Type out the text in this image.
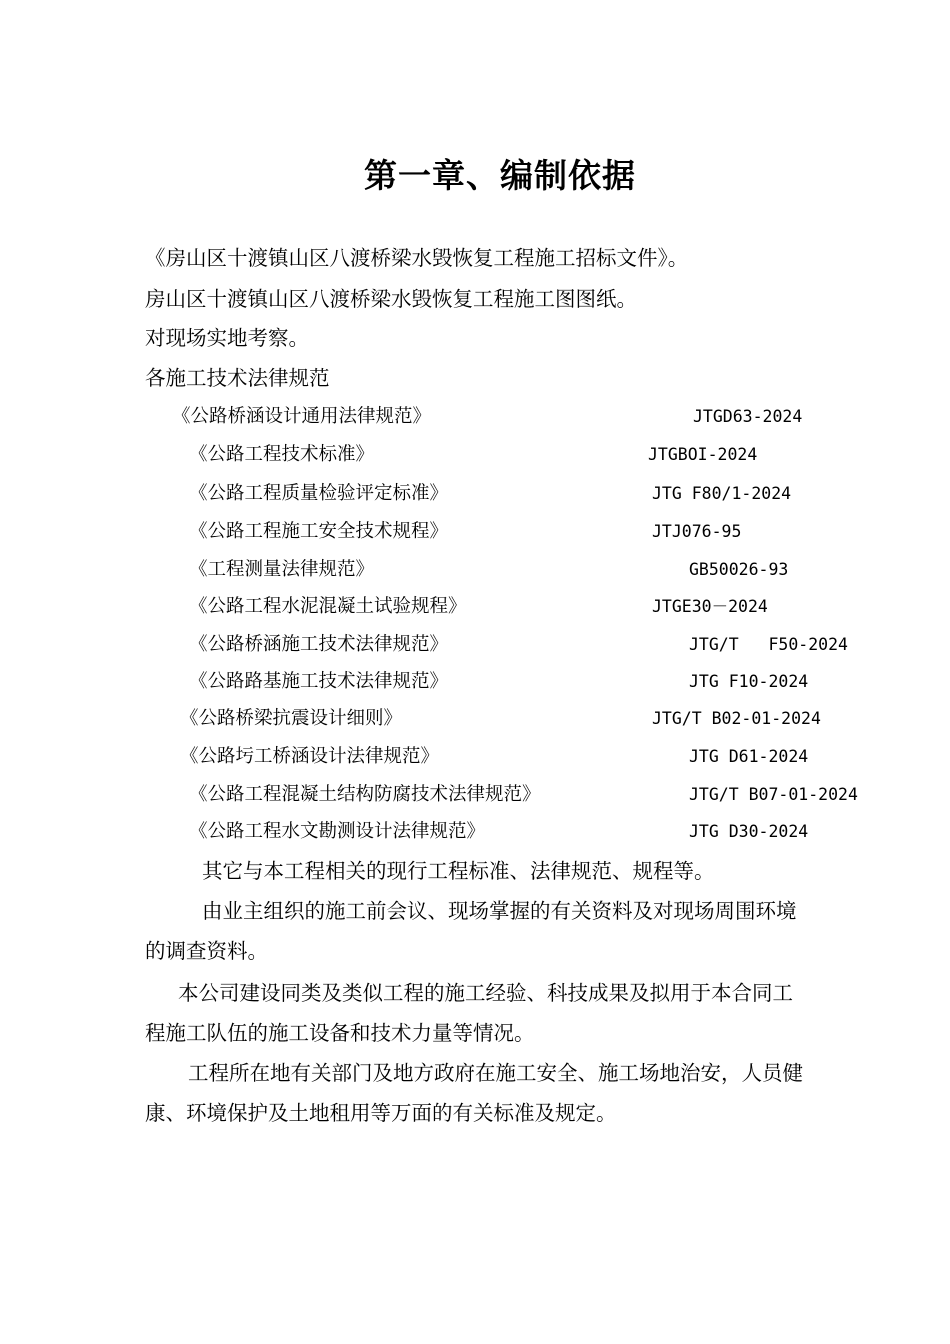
第一章、编制依据
《房山区十渡镇山区八渡桥梁水毁恢复工程施工招标文件》。
房山区十渡镇山区八渡桥梁水毁恢复工程施工图图纸。
对现场实地考察。
各施工技术法律规范
《公路桥涵设计通用法律规范》	JTGD63-2024
《公路工程技术标准》	JTGBOI-2024
《公路工程质量检验评定标准》	JTG F80/1-2024
《公路工程施工安全技术规程》	JTJ076-95
《工程测量法律规范》	GB50026-93
《公路工程水泥混凝土试验规程》	JTGE30－2024
《公路桥涵施工技术法律规范》	JTG/T   F50-2024
《公路路基施工技术法律规范》	JTG F10-2024
《公路桥梁抗震设计细则》	JTG/T B02-01-2024
《公路圬工桥涵设计法律规范》	JTG D61-2024
《公路工程混凝土结构防腐技术法律规范》	JTG/T B07-01-2024
《公路工程水文勘测设计法律规范》	JTG D30-2024
其它与本工程相关的现行工程标准、法律规范、规程等。
由业主组织的施工前会议、现场掌握的有关资料及对现场周围环境
的调查资料。
本公司建设同类及类似工程的施工经验、科技成果及拟用于本合同工
程施工队伍的施工设备和技术力量等情况。
工程所在地有关部门及地方政府在施工安全、施工场地治安，人员健
康、环境保护及土地租用等万面的有关标准及规定。
